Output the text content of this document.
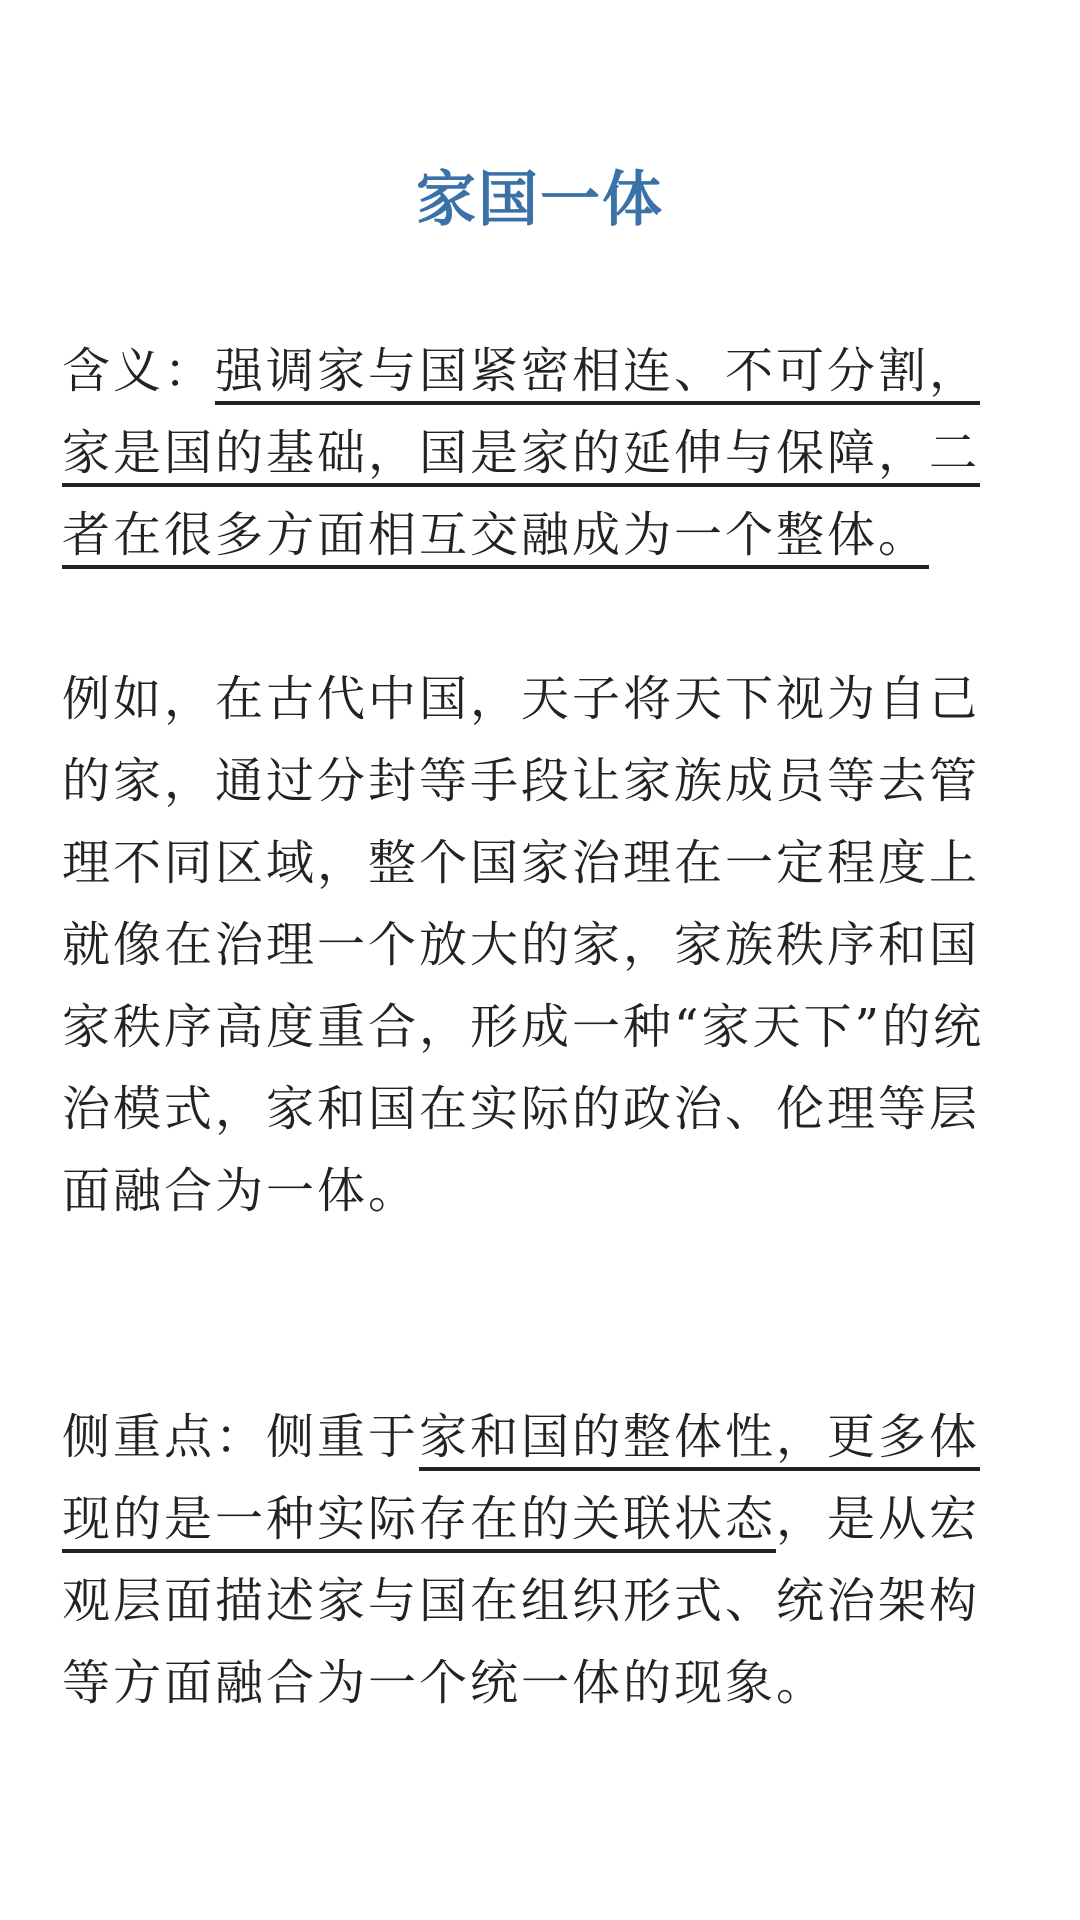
家国一体

含义：强调家与国紧密相连、不可分割，家是国的基础，国是家的延伸与保障，二者在很多方面相互交融成为一个整体。

例如，在古代中国，天子将天下视为自己的家，通过分封等手段让家族成员等去管理不同区域，整个国家治理在一定程度上就像在治理一个放大的家，家族秩序和国家秩序高度重合，形成一种“家天下”的统治模式，家和国在实际的政治、伦理等层面融合为一体。

侧重点：侧重于家和国的整体性，更多体现的是一种实际存在的关联状态，是从宏观层面描述家与国在组织形式、统治架构等方面融合为一个统一体的现象。
